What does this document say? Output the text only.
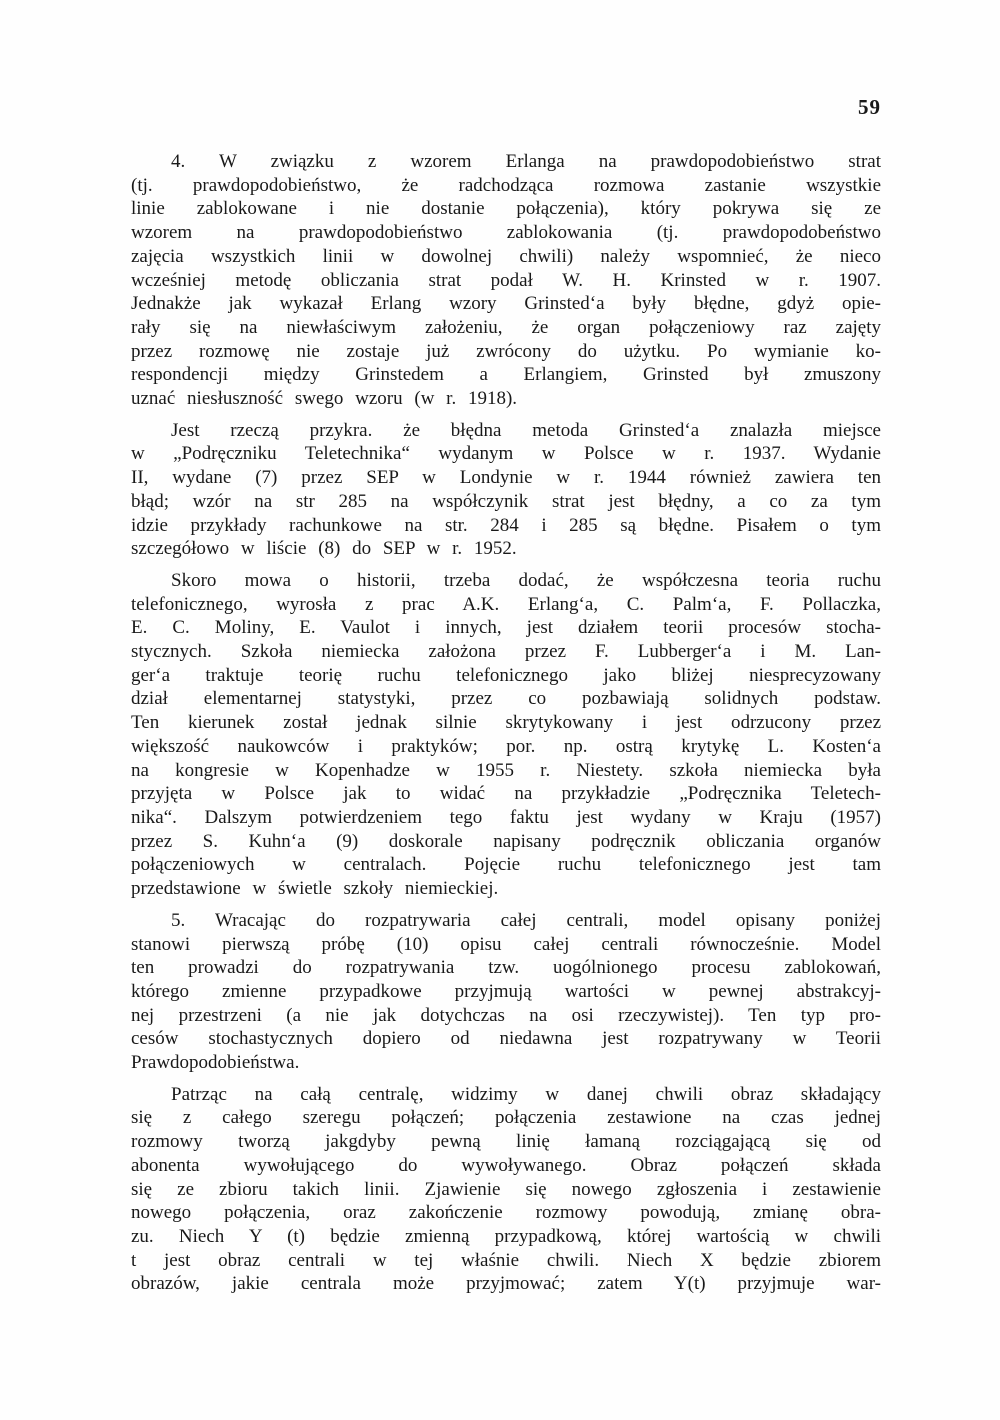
59
4. W związku z wzorem Erlanga na prawdopodobieństwo strat
(tj. prawdopodobieństwo, że radchodząca rozmowa zastanie wszystkie
linie zablokowane i nie dostanie połączenia), który pokrywa się ze
wzorem na prawdopodobieństwo zablokowania (tj. prawdopodobeństwo
zajęcia wszystkich linii w dowolnej chwili) należy wspomnieć, że nieco
wcześniej metodę obliczania strat podał W. H. Krinsted w r. 1907.
Jednakże jak wykazał Erlang wzory Grinsted‘a były błędne, gdyż opie-
rały się na niewłaściwym założeniu, że organ połączeniowy raz zajęty
przez rozmowę nie zostaje już zwrócony do użytku. Po wymianie ko-
respondencji między Grinstedem a Erlangiem, Grinsted był zmuszony
uznać niesłuszność swego wzoru (w r. 1918).
Jest rzeczą przykra. że błędna metoda Grinsted‘a znalazła miejsce
w „Podręczniku Teletechnika“ wydanym w Polsce w r. 1937. Wydanie
II, wydane (7) przez SEP w Londynie w r. 1944 również zawiera ten
błąd; wzór na str 285 na współczynik strat jest błędny, a co za tym
idzie przykłady rachunkowe na str. 284 i 285 są błędne. Pisałem o tym
szczegółowo w liście (8) do SEP w r. 1952.
Skoro mowa o historii, trzeba dodać, że współczesna teoria ruchu
telefonicznego, wyrosła z prac A.K. Erlang‘a, C. Palm‘a, F. Pollaczka,
E. C. Moliny, E. Vaulot i innych, jest działem teorii procesów stocha-
stycznych. Szkoła niemiecka założona przez F. Lubberger‘a i M. Lan-
ger‘a traktuje teorię ruchu telefonicznego jako bliżej niesprecyzowany
dział elementarnej statystyki, przez co pozbawiają solidnych podstaw.
Ten kierunek został jednak silnie skrytykowany i jest odrzucony przez
większość naukowców i praktyków; por. np. ostrą krytykę L. Kosten‘a
na kongresie w Kopenhadze w 1955 r. Niestety. szkoła niemiecka była
przyjęta w Polsce jak to widać na przykładzie „Podręcznika Teletech-
nika“. Dalszym potwierdzeniem tego faktu jest wydany w Kraju (1957)
przez S. Kuhn‘a (9) doskorale napisany podręcznik obliczania organów
połączeniowych w centralach. Pojęcie ruchu telefonicznego jest tam
przedstawione w świetle szkoły niemieckiej.
5. Wracając do rozpatrywaria całej centrali, model opisany poniżej
stanowi pierwszą próbę (10) opisu całej centrali równocześnie. Model
ten prowadzi do rozpatrywania tzw. uogólnionego procesu zablokowań,
którego zmienne przypadkowe przyjmują wartości w pewnej abstrakcyj-
nej przestrzeni (a nie jak dotychczas na osi rzeczywistej). Ten typ pro-
cesów stochastycznych dopiero od niedawna jest rozpatrywany w Teorii
Prawdopodobieństwa.
Patrząc na całą centralę, widzimy w danej chwili obraz składający
się z całego szeregu połączeń; połączenia zestawione na czas jednej
rozmowy tworzą jakgdyby pewną linię łamaną rozciągającą się od
abonenta wywołującego do wywoływanego. Obraz połączeń składa
się ze zbioru takich linii. Zjawienie się nowego zgłoszenia i zestawienie
nowego połączenia, oraz zakończenie rozmowy powodują, zmianę obra-
zu. Niech Y (t) będzie zmienną przypadkową, której wartością w chwili
t jest obraz centrali w tej właśnie chwili. Niech X będzie zbiorem
obrazów, jakie centrala może przyjmować; zatem Y(t) przyjmuje war-
